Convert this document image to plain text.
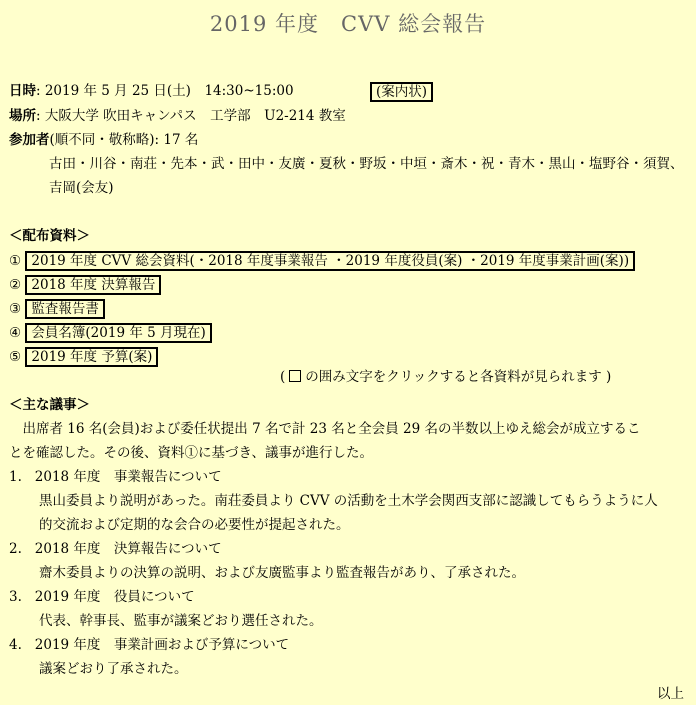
2019 年度　CVV 総会報告
日時: 2019 年 5 月 25 日(土)　14:30~15:00	(案内状)
場所: 大阪大学 吹田キャンパス　工学部　U2-214 教室
参加者(順不同・敬称略): 17 名
古田・川谷・南荘・先本・武・田中・友廣・夏秋・野坂・中垣・斎木・祝・青木・黒山・塩野谷・須賀、
吉岡(会友)
＜配布資料＞
① 2019 年度 CVV 総会資料(・2018 年度事業報告 ・2019 年度役員(案) ・2019 年度事業計画(案))
② 2018 年度 決算報告
③ 監査報告書
④ 会員名簿(2019 年 5 月現在)
⑤ 2019 年度 予算(案)
( の囲み文字をクリックすると各資料が見られます )
＜主な議事＞
　出席者 16 名(会員)および委任状提出 7 名で計 23 名と全会員 29 名の半数以上ゆえ総会が成立するこ
とを確認した。その後、資料①に基づき、議事が進行した。
1. 2018 年度　事業報告について
黒山委員より説明があった。南荘委員より CVV の活動を土木学会関西支部に認識してもらうように人
的交流および定期的な会合の必要性が提起された。
2. 2018 年度　決算報告について
齋木委員よりの決算の説明、および友廣監事より監査報告があり、了承された。
3. 2019 年度　役員について
代表、幹事長、監事が議案どおり選任された。
4. 2019 年度　事業計画および予算について
議案どおり了承された。
以上
